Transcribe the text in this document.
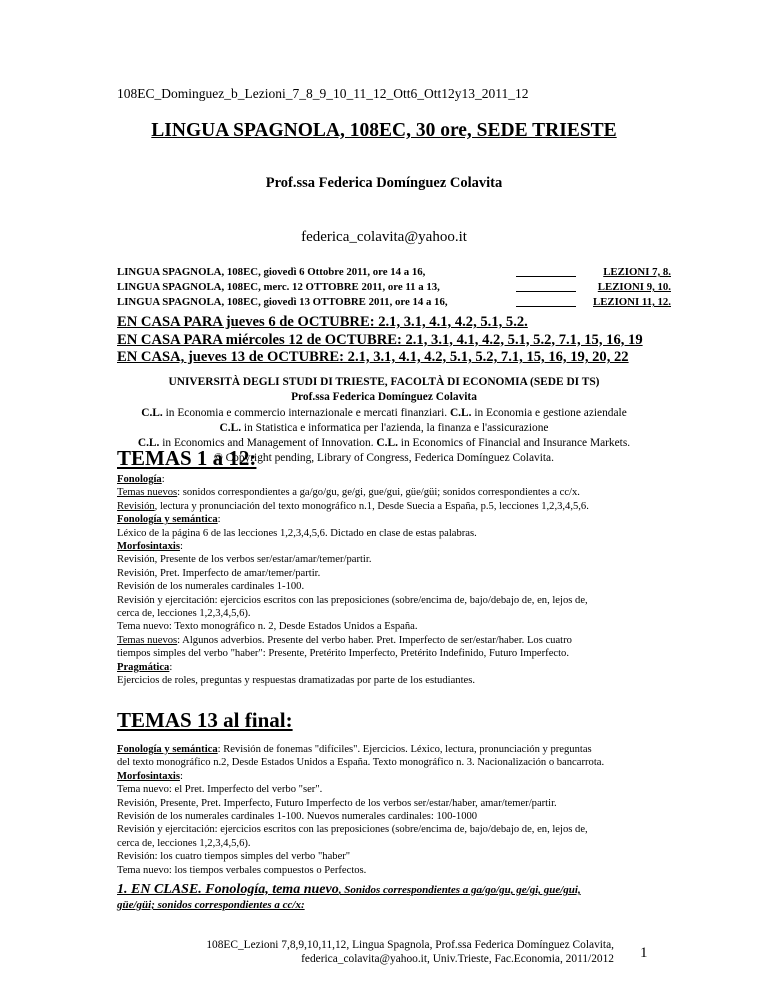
108EC_Dominguez_b_Lezioni_7_8_9_10_11_12_Ott6_Ott12y13_2011_12
LINGUA SPAGNOLA, 108EC, 30 ore, SEDE TRIESTE
Prof.ssa Federica Domínguez Colavita
federica_colavita@yahoo.it
LINGUA SPAGNOLA, 108EC, giovedì 6 Ottobre 2011, ore 14 a 16,	LEZIONI 7, 8.
LINGUA SPAGNOLA, 108EC, merc. 12 OTTOBRE 2011, ore 11 a 13,	LEZIONI 9, 10.
LINGUA SPAGNOLA, 108EC, giovedì 13 OTTOBRE 2011, ore 14 a 16,	LEZIONI 11, 12.
EN CASA PARA jueves 6 de OCTUBRE: 2.1, 3.1, 4.1, 4.2, 5.1, 5.2.
EN CASA PARA miércoles 12 de OCTUBRE: 2.1, 3.1, 4.1, 4.2, 5.1, 5.2, 7.1, 15, 16, 19
EN CASA, jueves 13 de OCTUBRE: 2.1, 3.1, 4.1, 4.2, 5.1, 5.2, 7.1, 15, 16, 19, 20, 22
UNIVERSITÀ DEGLI STUDI DI TRIESTE, FACOLTÀ DI ECONOMIA (SEDE DI TS)
Prof.ssa Federica Domínguez Colavita
C.L. in Economia e commercio internazionale e mercati finanziari. C.L. in Economia e gestione aziendale
C.L. in Statistica e informatica per l'azienda, la finanza e l'assicurazione
C.L. in Economics and Management of Innovation. C.L. in Economics of Financial and Insurance Markets.
© Copyright pending, Library of Congress, Federica Domínguez Colavita.
TEMAS 1 a 12:
Fonología:
Temas nuevos: sonidos correspondientes a ga/go/gu, ge/gi, gue/gui, güe/güi; sonidos correspondientes a cc/x.
Revisión, lectura y pronunciación del texto monográfico n.1, Desde Suecia a España, p.5, lecciones 1,2,3,4,5,6.
Fonología y semántica:
Léxico de la página 6 de las lecciones 1,2,3,4,5,6. Dictado en clase de estas palabras.
Morfosintaxis:
Revisión, Presente de los verbos ser/estar/amar/temer/partir.
Revisión, Pret. Imperfecto de amar/temer/partir.
Revisión de los numerales cardinales 1-100.
Revisión y ejercitación: ejercicios escritos con las preposiciones (sobre/encima de, bajo/debajo de, en, lejos de,
cerca de, lecciones 1,2,3,4,5,6).
Tema nuevo: Texto monográfico n. 2, Desde Estados Unidos a España.
Temas nuevos: Algunos adverbios. Presente del verbo haber. Pret. Imperfecto de ser/estar/haber. Los cuatro
tiempos simples del verbo "haber": Presente, Pretérito Imperfecto, Pretérito Indefinido, Futuro Imperfecto.
Pragmática:
Ejercicios de roles, preguntas y respuestas dramatizadas por parte de los estudiantes.
TEMAS 13 al final:
Fonología y semántica: Revisión de fonemas "difíciles". Ejercicios. Léxico, lectura, pronunciación y preguntas
del texto monográfico n.2, Desde Estados Unidos a España. Texto monográfico n. 3. Nacionalización o bancarrota.
Morfosintaxis:
Tema nuevo: el Pret. Imperfecto del verbo "ser".
Revisión, Presente, Pret. Imperfecto, Futuro Imperfecto de los verbos ser/estar/haber, amar/temer/partir.
Revisión de los numerales cardinales 1-100. Nuevos numerales cardinales: 100-1000
Revisión y ejercitación: ejercicios escritos con las preposiciones (sobre/encima de, bajo/debajo de, en, lejos de,
cerca de, lecciones 1,2,3,4,5,6).
Revisión: los cuatro tiempos simples del verbo "haber"
Tema nuevo: los tiempos verbales compuestos o Perfectos.
1. EN CLASE. Fonología, tema nuevo, Sonidos correspondientes a ga/go/gu, ge/gi, gue/gui,
güe/güi; sonidos correspondientes a cc/x:
108EC_Lezioni 7,8,9,10,11,12, Lingua Spagnola, Prof.ssa Federica Domínguez Colavita,
federica_colavita@yahoo.it, Univ.Trieste, Fac.Economia, 2011/2012 1
